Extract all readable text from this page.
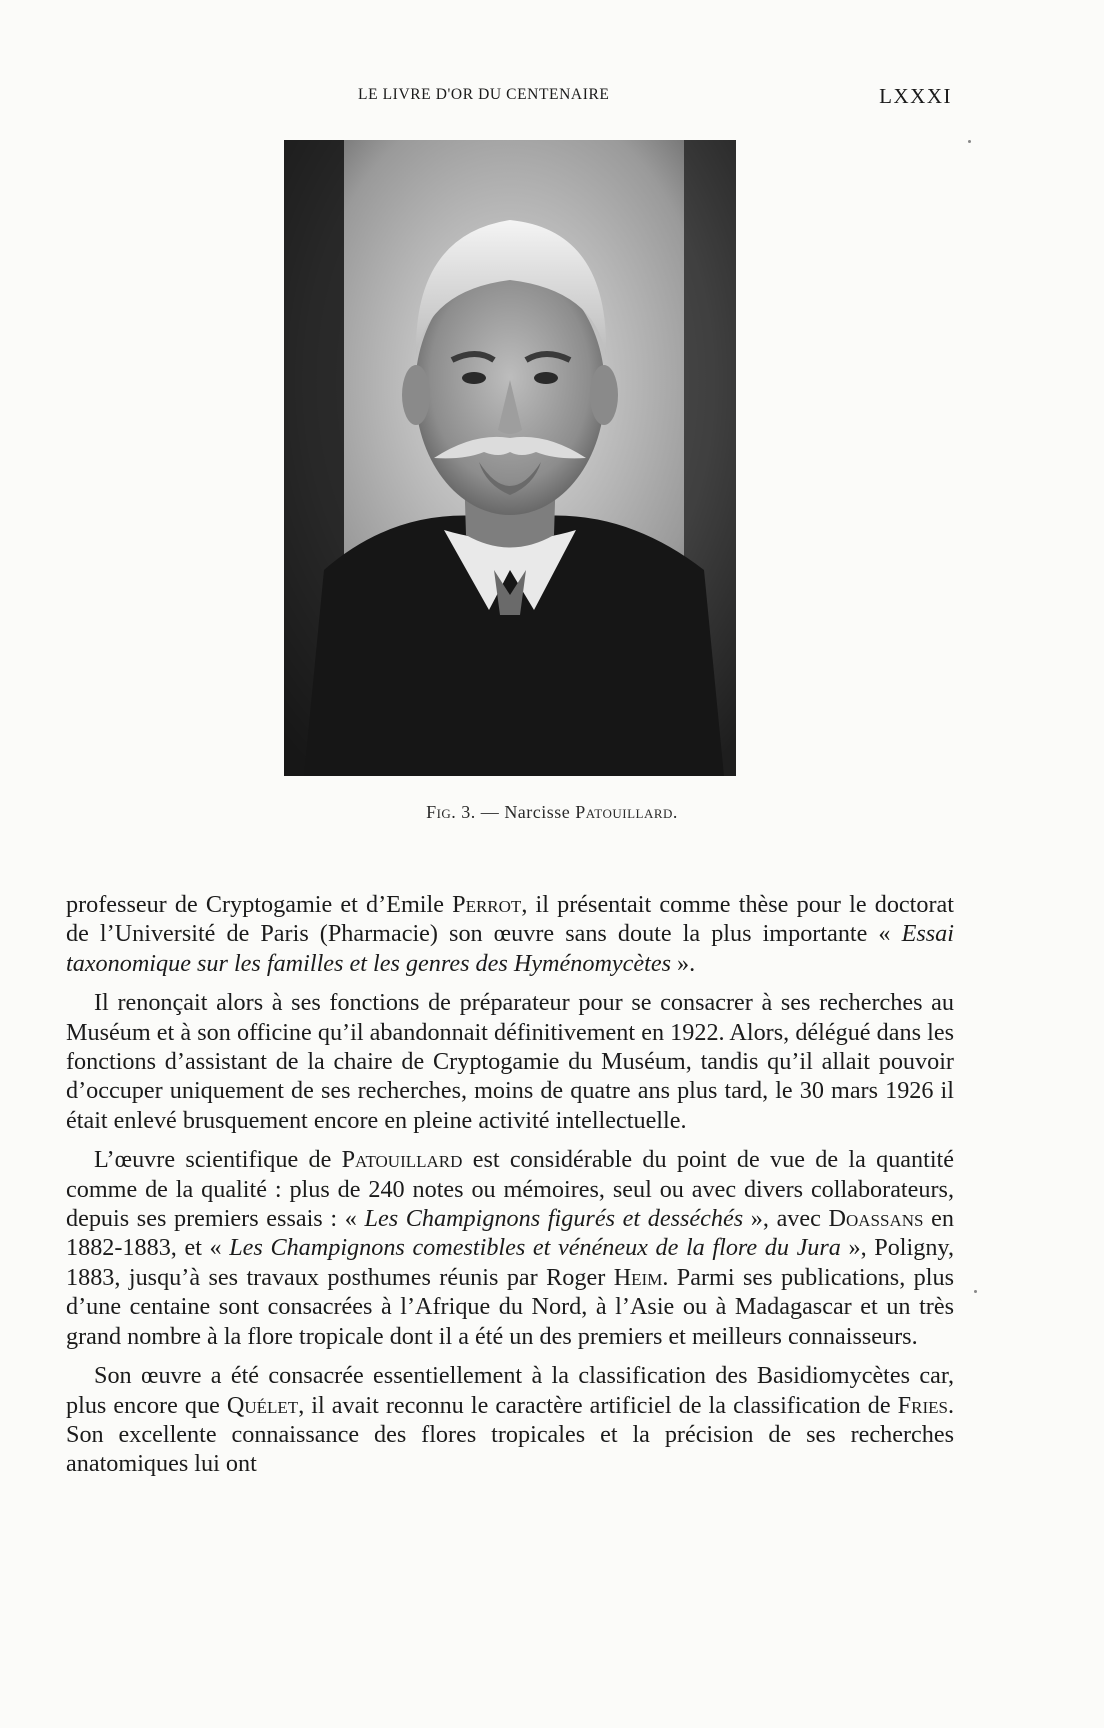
LE LIVRE D'OR DU CENTENAIRE	LXXXI
Fig. 3. — Narcisse Patouillard.

professeur de Cryptogamie et d’Emile Perrot, il présentait comme thèse pour le doctorat de l’Université de Paris (Pharmacie) son œuvre sans doute la plus importante « Essai taxonomique sur les familles et les genres des Hyménomycètes ».

Il renonçait alors à ses fonctions de préparateur pour se consacrer à ses recherches au Muséum et à son officine qu’il abandonnait définitivement en 1922. Alors, délégué dans les fonctions d’assistant de la chaire de Cryptogamie du Muséum, tandis qu’il allait pouvoir d’occuper uniquement de ses recherches, moins de quatre ans plus tard, le 30 mars 1926 il était enlevé brusquement encore en pleine activité intellectuelle.

L’œuvre scientifique de Patouillard est considérable du point de vue de la quantité comme de la qualité : plus de 240 notes ou mémoires, seul ou avec divers collaborateurs, depuis ses premiers essais : « Les Champignons figurés et desséchés », avec Doassans en 1882-1883, et « Les Champignons comestibles et vénéneux de la flore du Jura », Poligny, 1883, jusqu’à ses travaux posthumes réunis par Roger Heim. Parmi ses publications, plus d’une centaine sont consacrées à l’Afrique du Nord, à l’Asie ou à Madagascar et un très grand nombre à la flore tropicale dont il a été un des premiers et meilleurs connaisseurs.

Son œuvre a été consacrée essentiellement à la classification des Basidiomycètes car, plus encore que Quélet, il avait reconnu le caractère artificiel de la classification de Fries. Son excellente connaissance des flores tropicales et la précision de ses recherches anatomiques lui ont
